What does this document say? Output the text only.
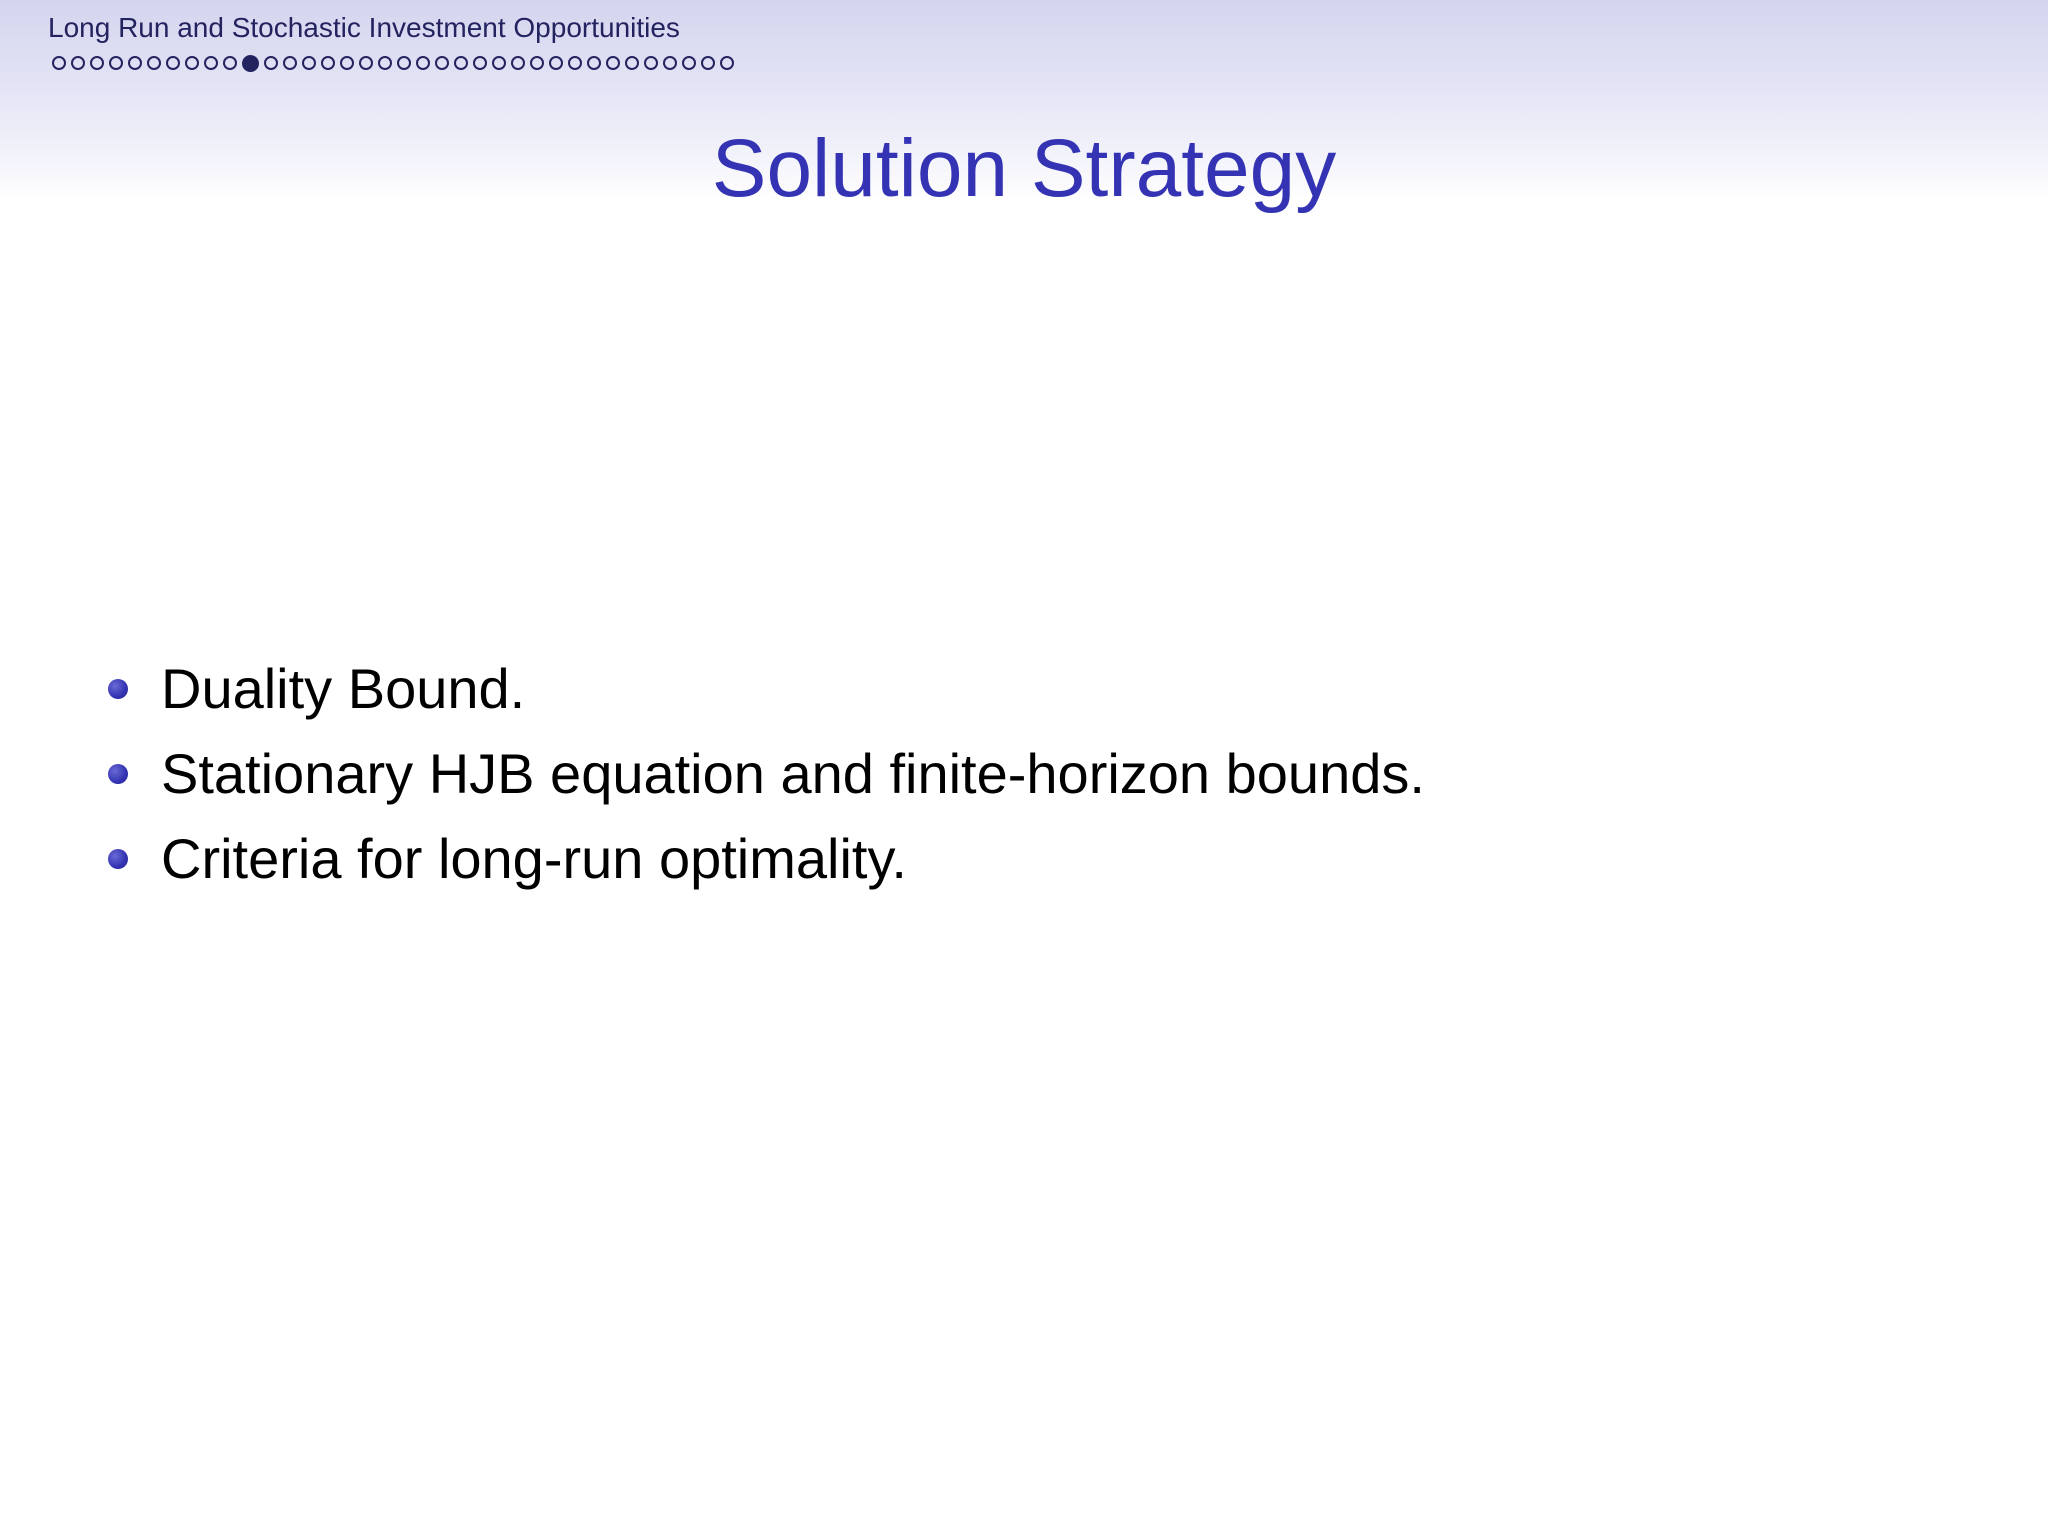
Long Run and Stochastic Investment Opportunities
Solution Strategy
Duality Bound.
Stationary HJB equation and finite-horizon bounds.
Criteria for long-run optimality.
